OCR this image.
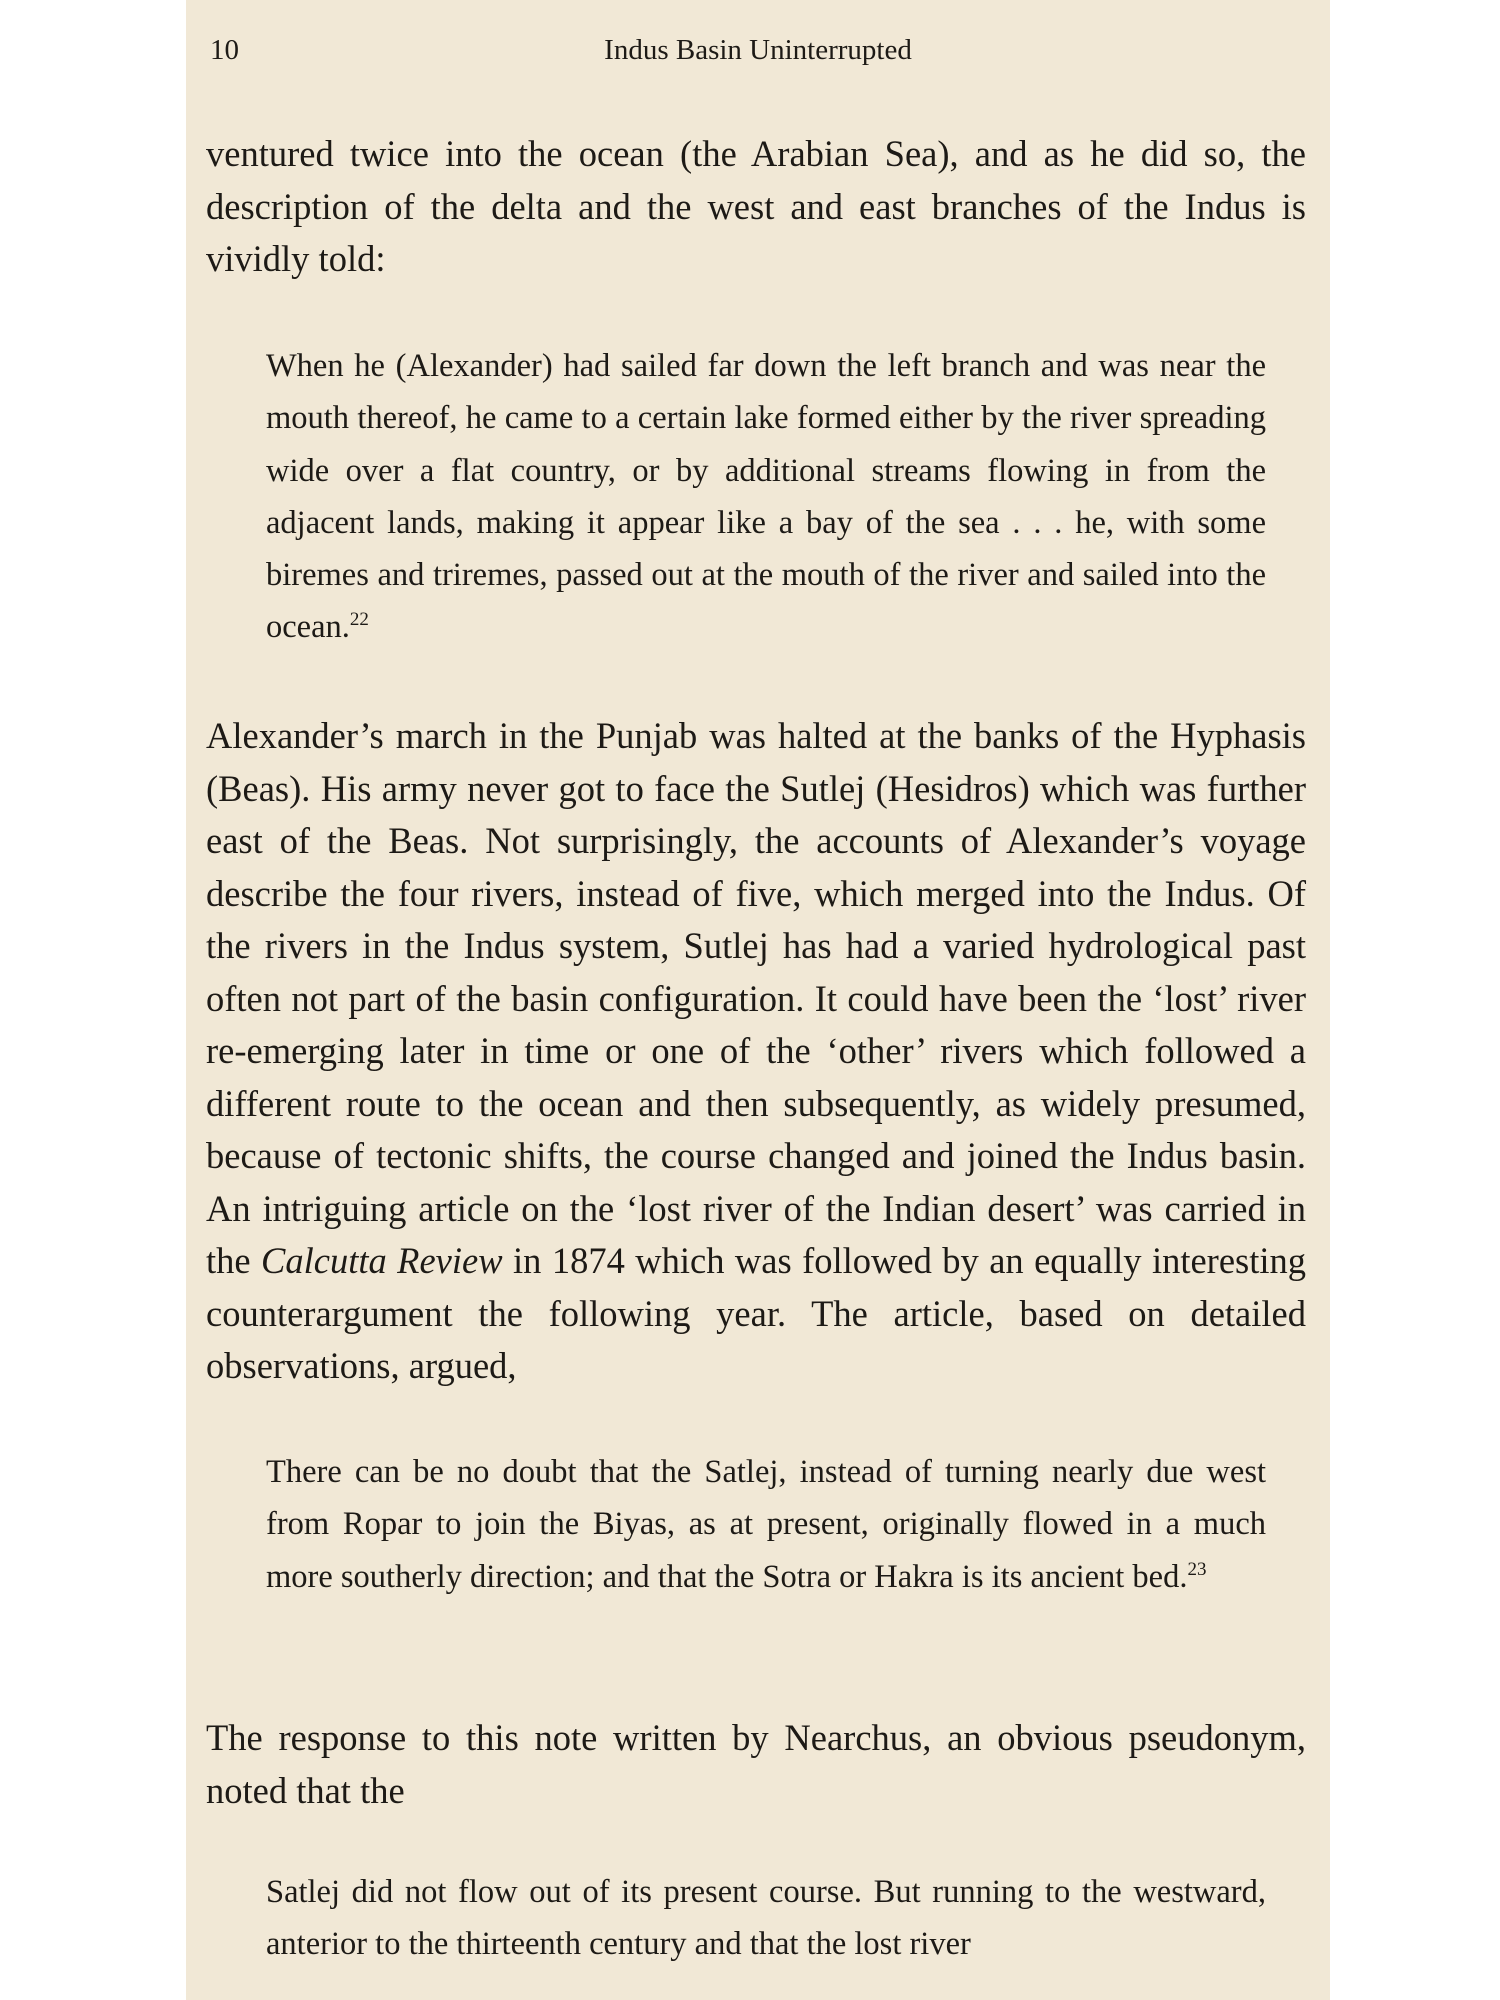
10	Indus Basin Uninterrupted

ventured twice into the ocean (the Arabian Sea), and as he did so, the description of the delta and the west and east branches of the Indus is vividly told:

When he (Alexander) had sailed far down the left branch and was near the mouth thereof, he came to a certain lake formed either by the river spreading wide over a flat country, or by additional streams flowing in from the adjacent lands, making it appear like a bay of the sea . . . he, with some biremes and triremes, passed out at the mouth of the river and sailed into the ocean.$^{22}$

Alexander’s march in the Punjab was halted at the banks of the Hyphasis (Beas). His army never got to face the Sutlej (Hesidros) which was further east of the Beas. Not surprisingly, the accounts of Alexander’s voyage describe the four rivers, instead of five, which merged into the Indus. Of the rivers in the Indus system, Sutlej has had a varied hydrological past often not part of the basin configuration. It could have been the ‘lost’ river re-emerging later in time or one of the ‘other’ rivers which followed a different route to the ocean and then subsequently, as widely presumed, because of tectonic shifts, the course changed and joined the Indus basin. An intriguing article on the ‘lost river of the Indian desert’ was carried in the Calcutta Review in 1874 which was followed by an equally interesting counterargument the following year. The article, based on detailed observations, argued,

There can be no doubt that the Satlej, instead of turning nearly due west from Ropar to join the Biyas, as at present, originally flowed in a much more southerly direction; and that the Sotra or Hakra is its ancient bed.$^{23}$

The response to this note written by Nearchus, an obvious pseudonym, noted that the

Satlej did not flow out of its present course. But running to the westward, anterior to the thirteenth century and that the lost river
